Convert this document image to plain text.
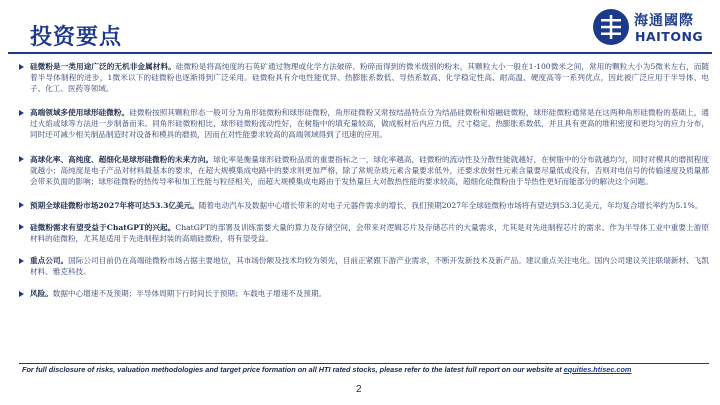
投资要点
海通國際
HAITONG
硅微粉是一类用途广泛的无机非金属材料。硅微粉是将高纯度的石英矿通过物理或化学方法破碎、粉碎而得到的微米级别的粉末，其颗粒大小一般在1-100微米之间，常用的颗粒大小为5微米左右，而随着半导体制程的进步，1微米以下的硅微粉也逐渐得到广泛采用。硅微粉具有介电性能优异、热膨胀系数低、导热系数高、化学稳定性高、耐高温、硬度高等一系列优点，因此被广泛应用于半导体、电子、化工、医药等领域。
高端领域多使用球形硅微粉。硅微粉按照其颗粒形态一般可分为角形硅微粉和球形硅微粉，角形硅微粉又常按结晶特点分为结晶硅微粉和熔融硅微粉，球形硅微粉通常是在这两种角形硅微粉的基础上，通过火焰或球等方法进一步制备而来。同角形硅微粉相比，球形硅微粉流动性好，在树脂中的填充量较高，做成板材后内应力低，尺寸稳定、热膨胀系数低，并且具有更高的堆积密度和更均匀的应力分布，同时还可减少相关制品制造时对设备和模具的磨损，因而在对性能要求较高的高端领域得到了迅速的应用。
高球化率、高纯度、超细化是球形硅微粉的未来方向。球化率是衡量球形硅微粉品质的重要指标之一，球化率越高，硅微粉的流动性及分散性能就越好，在树脂中的分布就越均匀，同时对模具的磨损程度就越小；高纯度是电子产品对材料最基本的要求，在超大规模集成电路中的要求则更加严格，除了常规杂质元素含量要求低外，还要求放射性元素含量要尽量低或没有，否则对电信号的传输速度及质量都会带来负面的影响；球形硅微粉的热传导率和加工性能与粒径相关，而超大规模集成电路由于发热量巨大对散热性能的要求较高，超细化硅微粉由于导热性更好而能部分的解决这个问题。
预期全球硅微粉市场2027年将可达53.3亿美元。随着电动汽车及数据中心增长带来的对电子元器件需求的增长，我们预期2027年全球硅微粉市场将有望达到53.3亿美元，年均复合增长率约为5.1%。
硅微粉需求有望受益于ChatGPT的兴起。ChatGPT的部署及训练需要大量的算力及存储空间，会带来对逻辑芯片及存储芯片的大量需求，尤其是对先进制程芯片的需求。作为半导体工业中重要上游原材料的硅微粉，尤其是适用于先进制程封装的高端硅微粉，将有望受益。
重点公司。国际公司目前仍在高端硅微粉市场占据主要地位，其市场份额及技术均较为领先，目前正紧跟下游产业需求，不断开发新技术及新产品。建议重点关注电化。国内公司建议关注联瑞新材、飞凯材料、雅克科技。
风险。数据中心增速不及预期；半导体周期下行时间长于预期；车载电子增速不及预期。
For full disclosure of risks, valuation methodologies and target price formation on all HTI rated stocks, please refer to the latest full report on our website at equities.htisec.com
2
